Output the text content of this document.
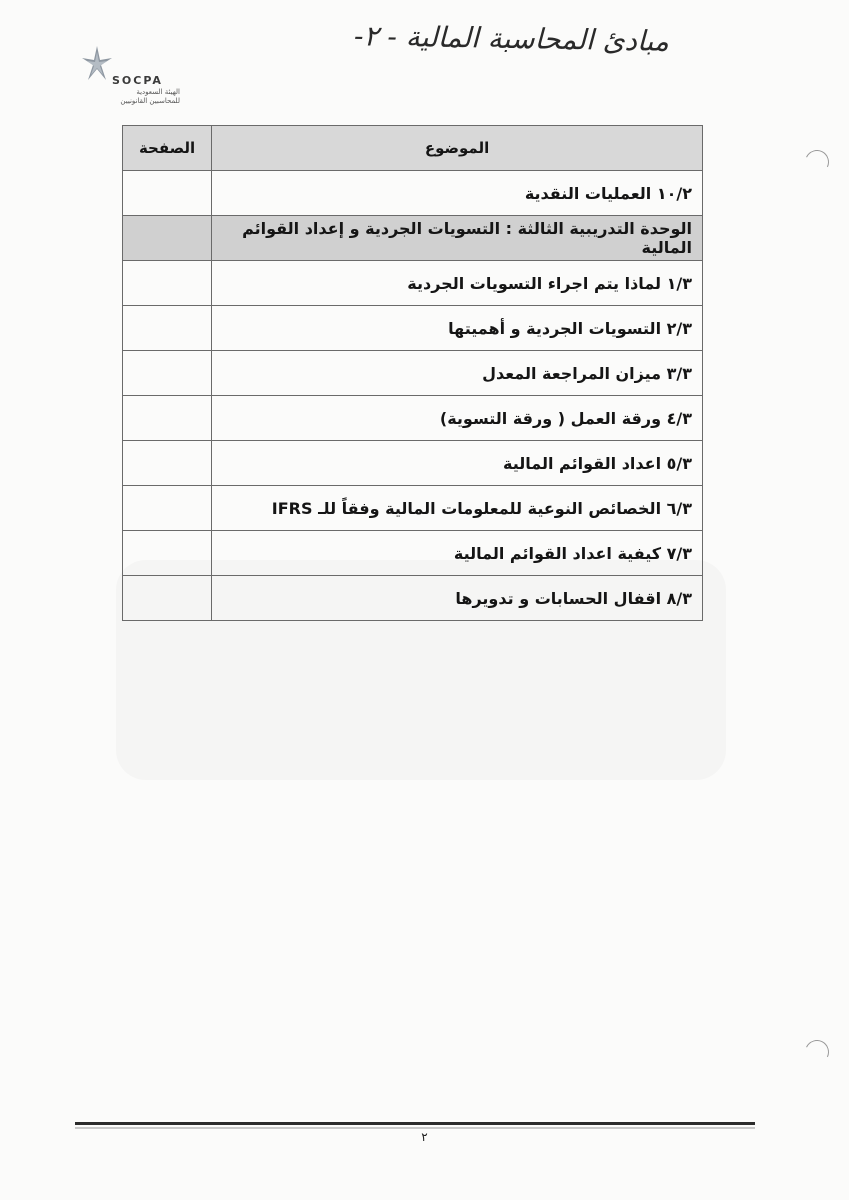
SOCPA
الهيئة السعودية للمحاسبين القانونيين
مبادئ المحاسبة المالية - ٢-
الموضوع	الصفحة
١٠/٢ العمليات النقدية	
الوحدة التدريبية الثالثة : التسويات الجردية و إعداد القوائم المالية	
١/٣ لماذا يتم اجراء التسويات الجردية	
٢/٣ التسويات الجردية و أهميتها	
٣/٣ ميزان المراجعة المعدل	
٤/٣ ورقة العمل ( ورقة التسوية)	
٥/٣ اعداد القوائم المالية	
٦/٣ الخصائص النوعية للمعلومات المالية وفقاً للـ IFRS	
٧/٣ كيفية اعداد القوائم المالية	
٨/٣ اقفال الحسابات و تدويرها	
٢
